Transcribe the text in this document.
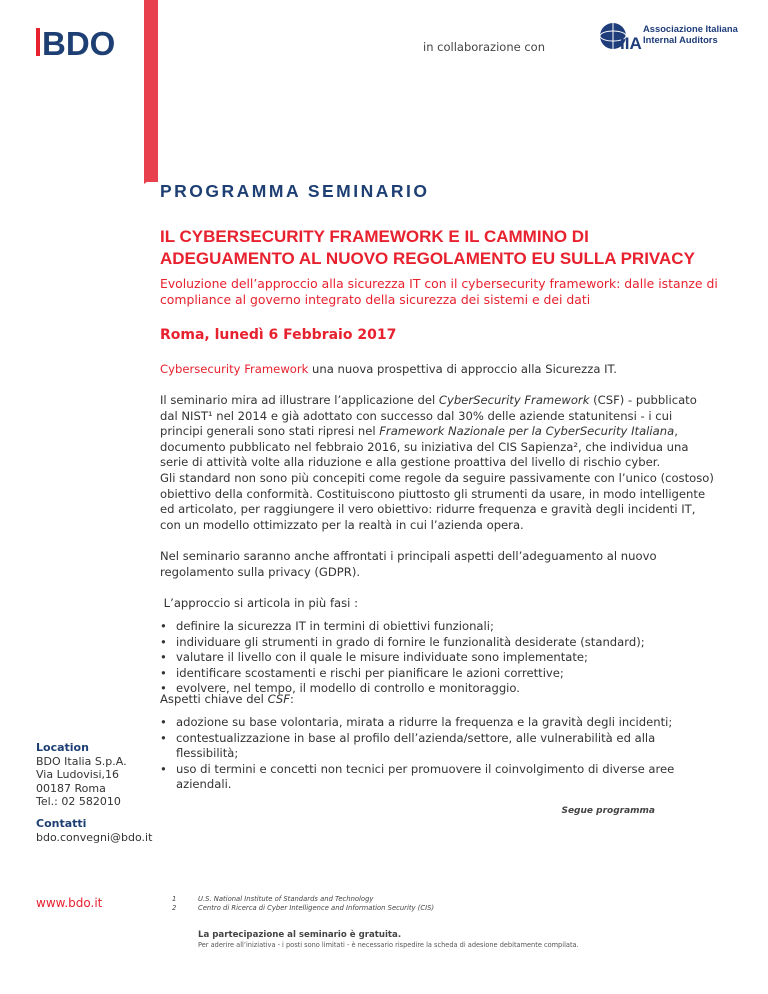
BDO	in collaborazione con	IIA
Associazione Italiana
Internal Auditors
PROGRAMMA SEMINARIO
IL CYBERSECURITY FRAMEWORK E IL CAMMINO DI ADEGUAMENTO AL NUOVO REGOLAMENTO EU SULLA PRIVACY
Evoluzione dell’approccio alla sicurezza IT con il cybersecurity framework: dalle istanze di compliance al governo integrato della sicurezza dei sistemi e dei dati
Roma, lunedì 6 Febbraio 2017
Cybersecurity Framework una nuova prospettiva di approccio alla Sicurezza IT.
Il seminario mira ad illustrare l’applicazione del CyberSecurity Framework (CSF) - pubblicato dal NIST¹ nel 2014 e già adottato con successo dal 30% delle aziende statunitensi - i cui principi generali sono stati ripresi nel Framework Nazionale per la CyberSecurity Italiana, documento pubblicato nel febbraio 2016, su iniziativa del CIS Sapienza², che individua una serie di attività volte alla riduzione e alla gestione proattiva del livello di rischio cyber.
Gli standard non sono più concepiti come regole da seguire passivamente con l’unico (costoso) obiettivo della conformità. Costituiscono piuttosto gli strumenti da usare, in modo intelligente ed articolato, per raggiungere il vero obiettivo: ridurre frequenza e gravità degli incidenti IT, con un modello ottimizzato per la realtà in cui l’azienda opera.
Nel seminario saranno anche affrontati i principali aspetti dell’adeguamento al nuovo regolamento sulla privacy (GDPR).
L’approccio si articola in più fasi :
• definire la sicurezza IT in termini di obiettivi funzionali;
• individuare gli strumenti in grado di fornire le funzionalità desiderate (standard);
• valutare il livello con il quale le misure individuate sono implementate;
• identificare scostamenti e rischi per pianificare le azioni correttive;
• evolvere, nel tempo, il modello di controllo e monitoraggio.
Aspetti chiave del CSF:
• adozione su base volontaria, mirata a ridurre la frequenza e la gravità degli incidenti;
• contestualizzazione in base al profilo dell’azienda/settore, alle vulnerabilità ed alla flessibilità;
• uso di termini e concetti non tecnici per promuovere il coinvolgimento di diverse aree aziendali.
Location
BDO Italia S.p.A.
Via Ludovisi,16
00187 Roma
Tel.: 02 582010
Segue programma
Contatti
bdo.convegni@bdo.it
www.bdo.it	1	U.S. National Institute of Standards and Technology
2	Centro di Ricerca di Cyber Intelligence and Information Security (CIS)
La partecipazione al seminario è gratuita.
Per aderire all’iniziativa - i posti sono limitati - è necessario rispedire la scheda di adesione debitamente compilata.
